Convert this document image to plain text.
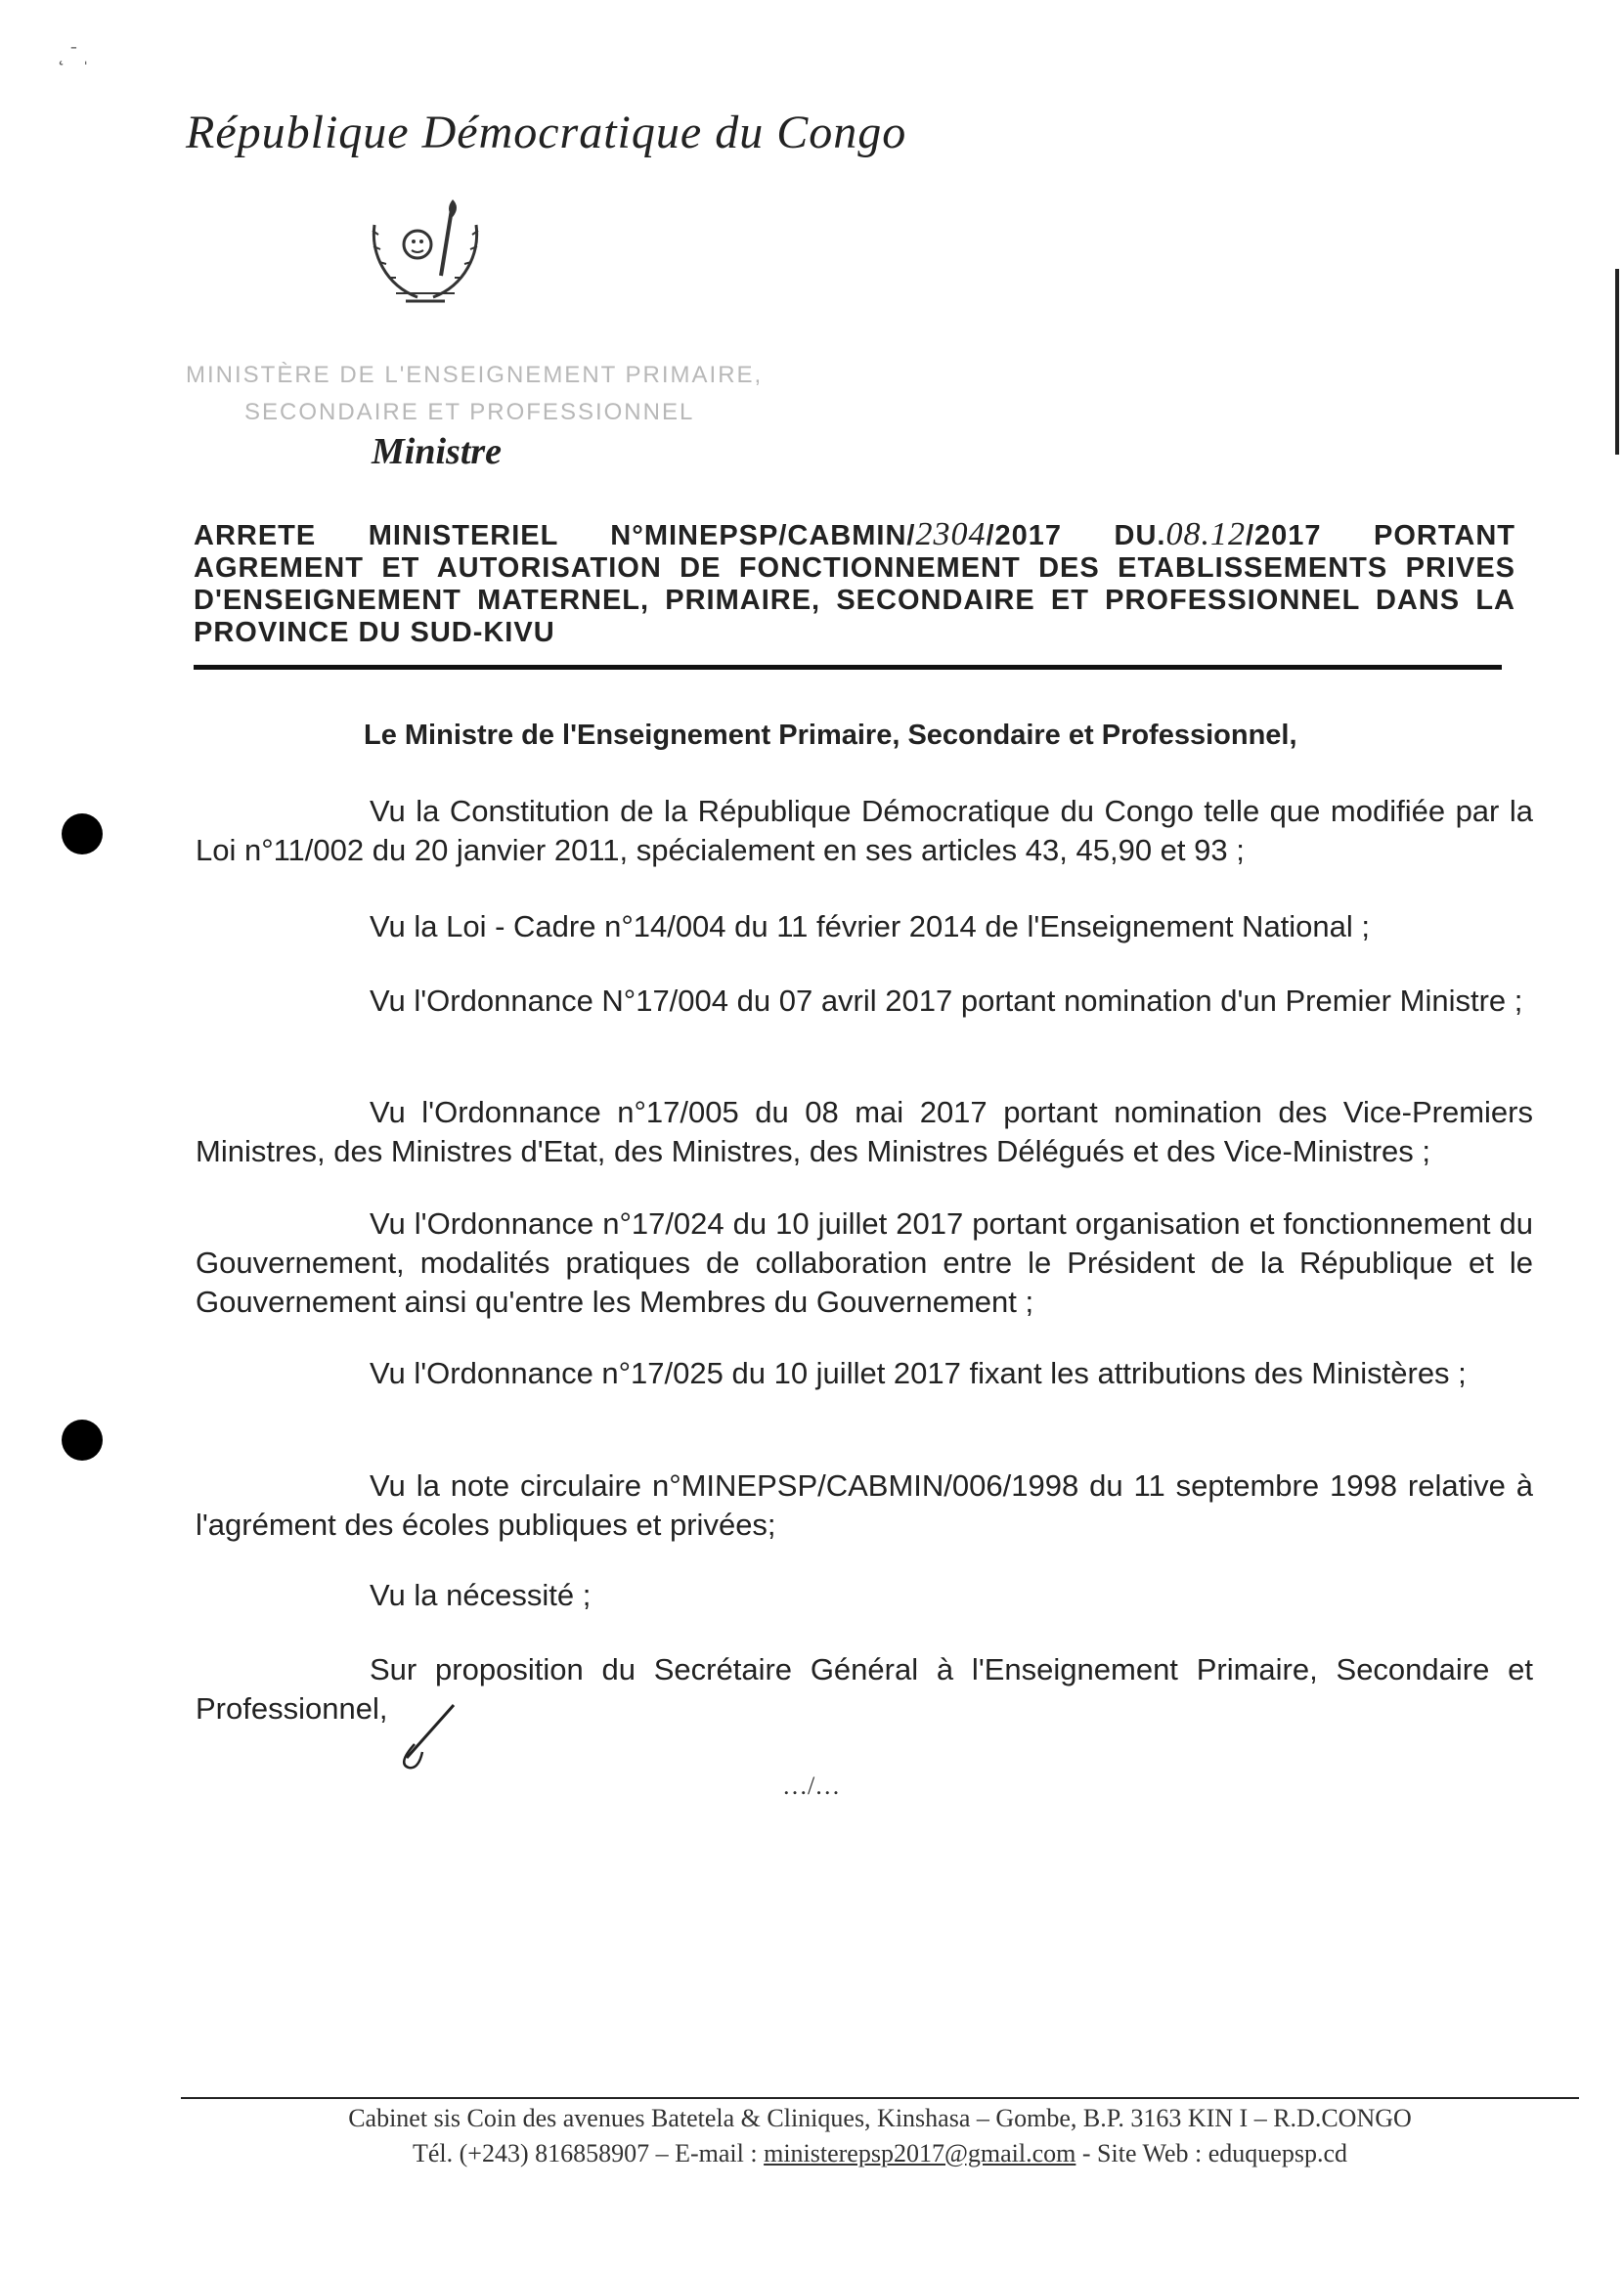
˛ ˉ ˌ
République Démocratique du Congo
MINISTÈRE DE L'ENSEIGNEMENT PRIMAIRE,
SECONDAIRE ET PROFESSIONNEL
Ministre
ARRETE MINISTERIEL N°MINEPSP/CABMIN/2304/2017 DU.08.12/2017 PORTANT AGREMENT ET AUTORISATION DE FONCTIONNEMENT DES ETABLISSEMENTS PRIVES D'ENSEIGNEMENT MATERNEL, PRIMAIRE, SECONDAIRE ET PROFESSIONNEL DANS LA PROVINCE DU SUD-KIVU
Le Ministre de l'Enseignement Primaire, Secondaire et Professionnel,
Vu la Constitution de la République Démocratique du Congo telle que modifiée par la Loi n°11/002 du 20 janvier 2011, spécialement en ses articles 43, 45,90 et 93 ;
Vu la Loi - Cadre n°14/004 du 11 février 2014 de l'Enseignement National ;
Vu l'Ordonnance N°17/004 du 07 avril 2017 portant nomination d'un Premier Ministre ;
Vu l'Ordonnance n°17/005 du 08 mai 2017 portant nomination des Vice-Premiers Ministres, des Ministres d'Etat, des Ministres, des Ministres Délégués et des Vice-Ministres ;
Vu l'Ordonnance n°17/024 du 10 juillet 2017 portant organisation et fonctionnement du Gouvernement, modalités pratiques de collaboration entre le Président de la République et le Gouvernement ainsi qu'entre les Membres du Gouvernement ;
Vu l'Ordonnance n°17/025 du 10 juillet 2017 fixant les attributions des Ministères ;
Vu la note circulaire n°MINEPSP/CABMIN/006/1998 du 11 septembre 1998 relative à l'agrément des écoles publiques et privées;
Vu la nécessité ;
Sur proposition du Secrétaire Général à l'Enseignement Primaire, Secondaire et Professionnel,
…/…
Cabinet sis Coin des avenues Batetela & Cliniques, Kinshasa – Gombe, B.P. 3163 KIN I – R.D.CONGO
Tél. (+243) 816858907 – E-mail : ministerepsp2017@gmail.com - Site Web : eduquepsp.cd
